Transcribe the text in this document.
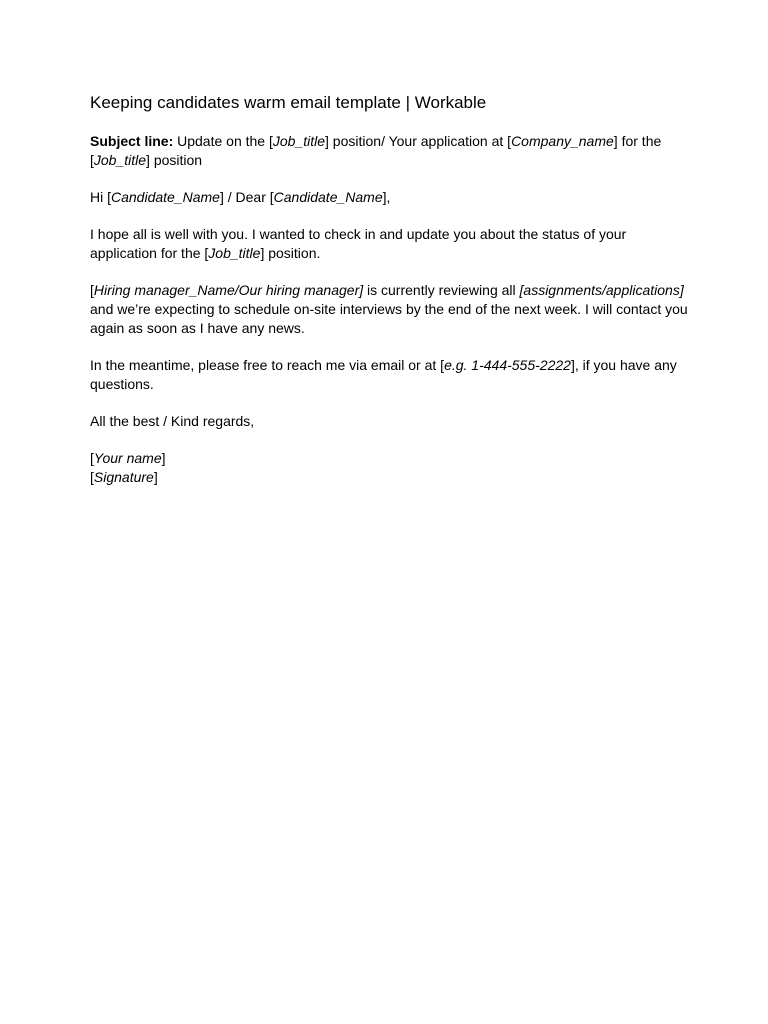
Keeping candidates warm email template | Workable

Subject line: Update on the [Job_title] position/ Your application at [Company_name] for the [Job_title] position

Hi [Candidate_Name] / Dear [Candidate_Name],

I hope all is well with you. I wanted to check in and update you about the status of your application for the [Job_title] position.

[Hiring manager_Name/Our hiring manager] is currently reviewing all [assignments/applications] and we’re expecting to schedule on-site interviews by the end of the next week. I will contact you again as soon as I have any news.

In the meantime, please free to reach me via email or at [e.g. 1-444-555-2222], if you have any questions.

All the best / Kind regards,

[Your name]

[Signature]
